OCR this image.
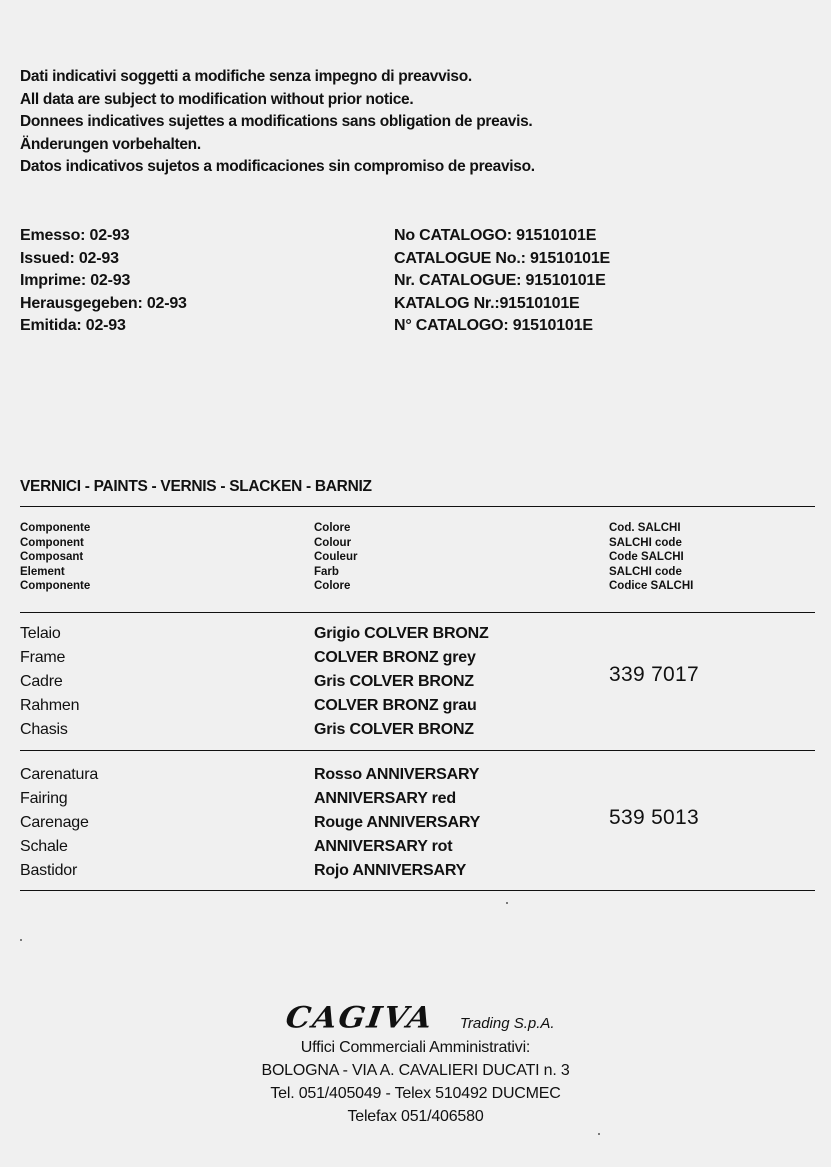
Dati indicativi soggetti a modifiche senza impegno di preavviso.
All data are subject to modification without prior notice.
Donnees indicatives sujettes a modifications sans obligation de preavis.
Änderungen vorbehalten.
Datos indicativos sujetos a modificaciones sin compromiso de preaviso.
Emesso: 02-93
Issued: 02-93
Imprime: 02-93
Herausgegeben: 02-93
Emitida: 02-93
No CATALOGO: 91510101E
CATALOGUE No.: 91510101E
Nr. CATALOGUE: 91510101E
KATALOG Nr.:91510101E
N° CATALOGO: 91510101E
VERNICI - PAINTS - VERNIS - SLACKEN - BARNIZ
Componente
Component
Composant
Element
Componente
Colore
Colour
Couleur
Farb
Colore
Cod. SALCHI
SALCHI code
Code SALCHI
SALCHI code
Codice SALCHI
Telaio
Frame
Cadre
Rahmen
Chasis
Grigio COLVER BRONZ
COLVER BRONZ grey
Gris COLVER BRONZ
COLVER BRONZ grau
Gris COLVER BRONZ
339 7017
Carenatura
Fairing
Carenage
Schale
Bastidor
Rosso ANNIVERSARY
ANNIVERSARY red
Rouge ANNIVERSARY
ANNIVERSARY rot
Rojo ANNIVERSARY
539 5013
CAGIVA Trading S.p.A.
Uffici Commerciali Amministrativi:
BOLOGNA - VIA A. CAVALIERI DUCATI n. 3
Tel. 051/405049 - Telex 510492 DUCMEC
Telefax 051/406580
